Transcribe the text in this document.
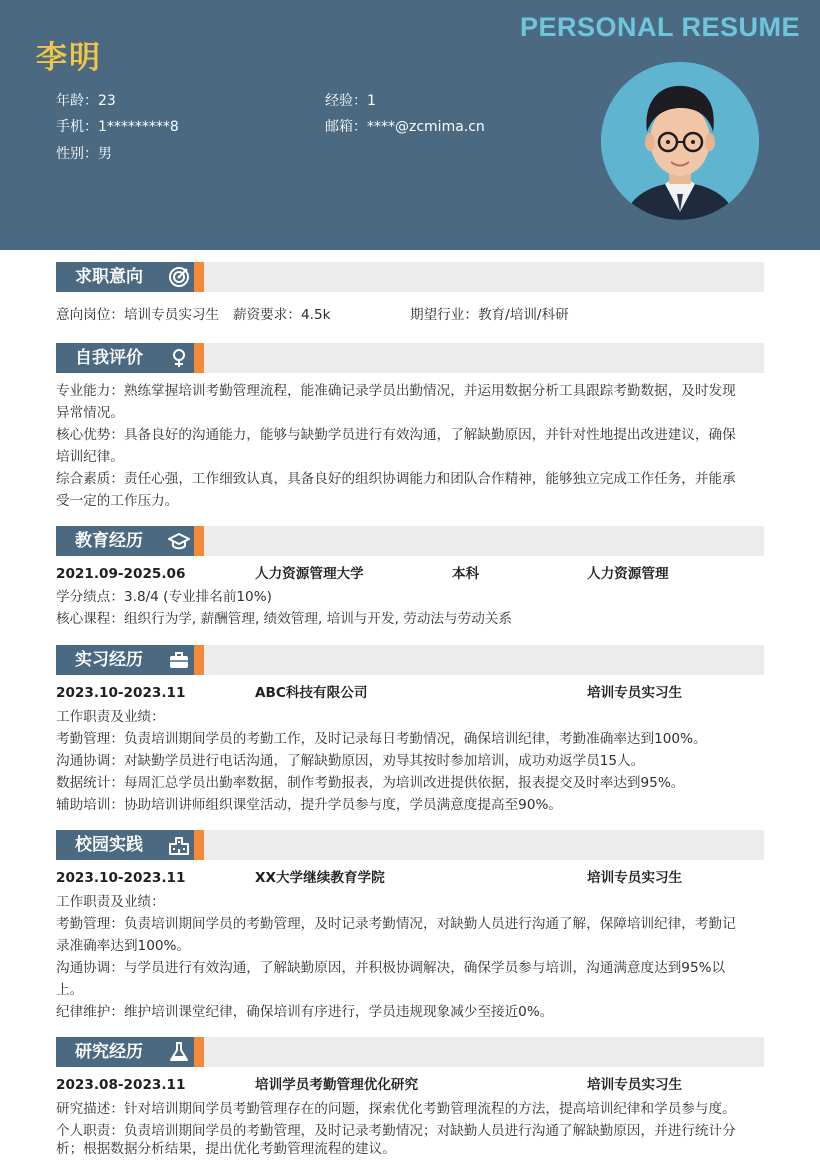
PERSONAL RESUME
李明
年龄：23	经验：1
手机：1*********8	邮箱：****@zcmima.cn
性别：男
求职意向
意向岗位：培训专员实习生 薪资要求：4.5k	期望行业：教育/培训/科研
自我评价
专业能力：熟练掌握培训考勤管理流程，能准确记录学员出勤情况，并运用数据分析工具跟踪考勤数据，及时发现
异常情况。
核心优势：具备良好的沟通能力，能够与缺勤学员进行有效沟通，了解缺勤原因，并针对性地提出改进建议，确保
培训纪律。
综合素质：责任心强，工作细致认真，具备良好的组织协调能力和团队合作精神，能够独立完成工作任务，并能承
受一定的工作压力。
教育经历
2021.09-2025.06	人力资源管理大学	本科	人力资源管理
学分绩点：3.8/4 (专业排名前10%)
核心课程：组织行为学, 薪酬管理, 绩效管理, 培训与开发, 劳动法与劳动关系
实习经历
2023.10-2023.11	ABC科技有限公司	培训专员实习生
工作职责及业绩：
考勤管理：负责培训期间学员的考勤工作，及时记录每日考勤情况，确保培训纪律，考勤准确率达到100%。
沟通协调：对缺勤学员进行电话沟通，了解缺勤原因，劝导其按时参加培训，成功劝返学员15人。
数据统计：每周汇总学员出勤率数据，制作考勤报表，为培训改进提供依据，报表提交及时率达到95%。
辅助培训：协助培训讲师组织课堂活动，提升学员参与度，学员满意度提高至90%。
校园实践
2023.10-2023.11	XX大学继续教育学院	培训专员实习生
工作职责及业绩：
考勤管理：负责培训期间学员的考勤管理，及时记录考勤情况，对缺勤人员进行沟通了解，保障培训纪律，考勤记
录准确率达到100%。
沟通协调：与学员进行有效沟通，了解缺勤原因，并积极协调解决，确保学员参与培训，沟通满意度达到95%以
上。
纪律维护：维护培训课堂纪律，确保培训有序进行，学员违规现象减少至接近0%。
研究经历
2023.08-2023.11	培训学员考勤管理优化研究	培训专员实习生
研究描述：针对培训期间学员考勤管理存在的问题，探索优化考勤管理流程的方法，提高培训纪律和学员参与度。
个人职责：负责培训期间学员的考勤管理，及时记录考勤情况；对缺勤人员进行沟通了解缺勤原因，并进行统计分
析；根据数据分析结果，提出优化考勤管理流程的建议。
